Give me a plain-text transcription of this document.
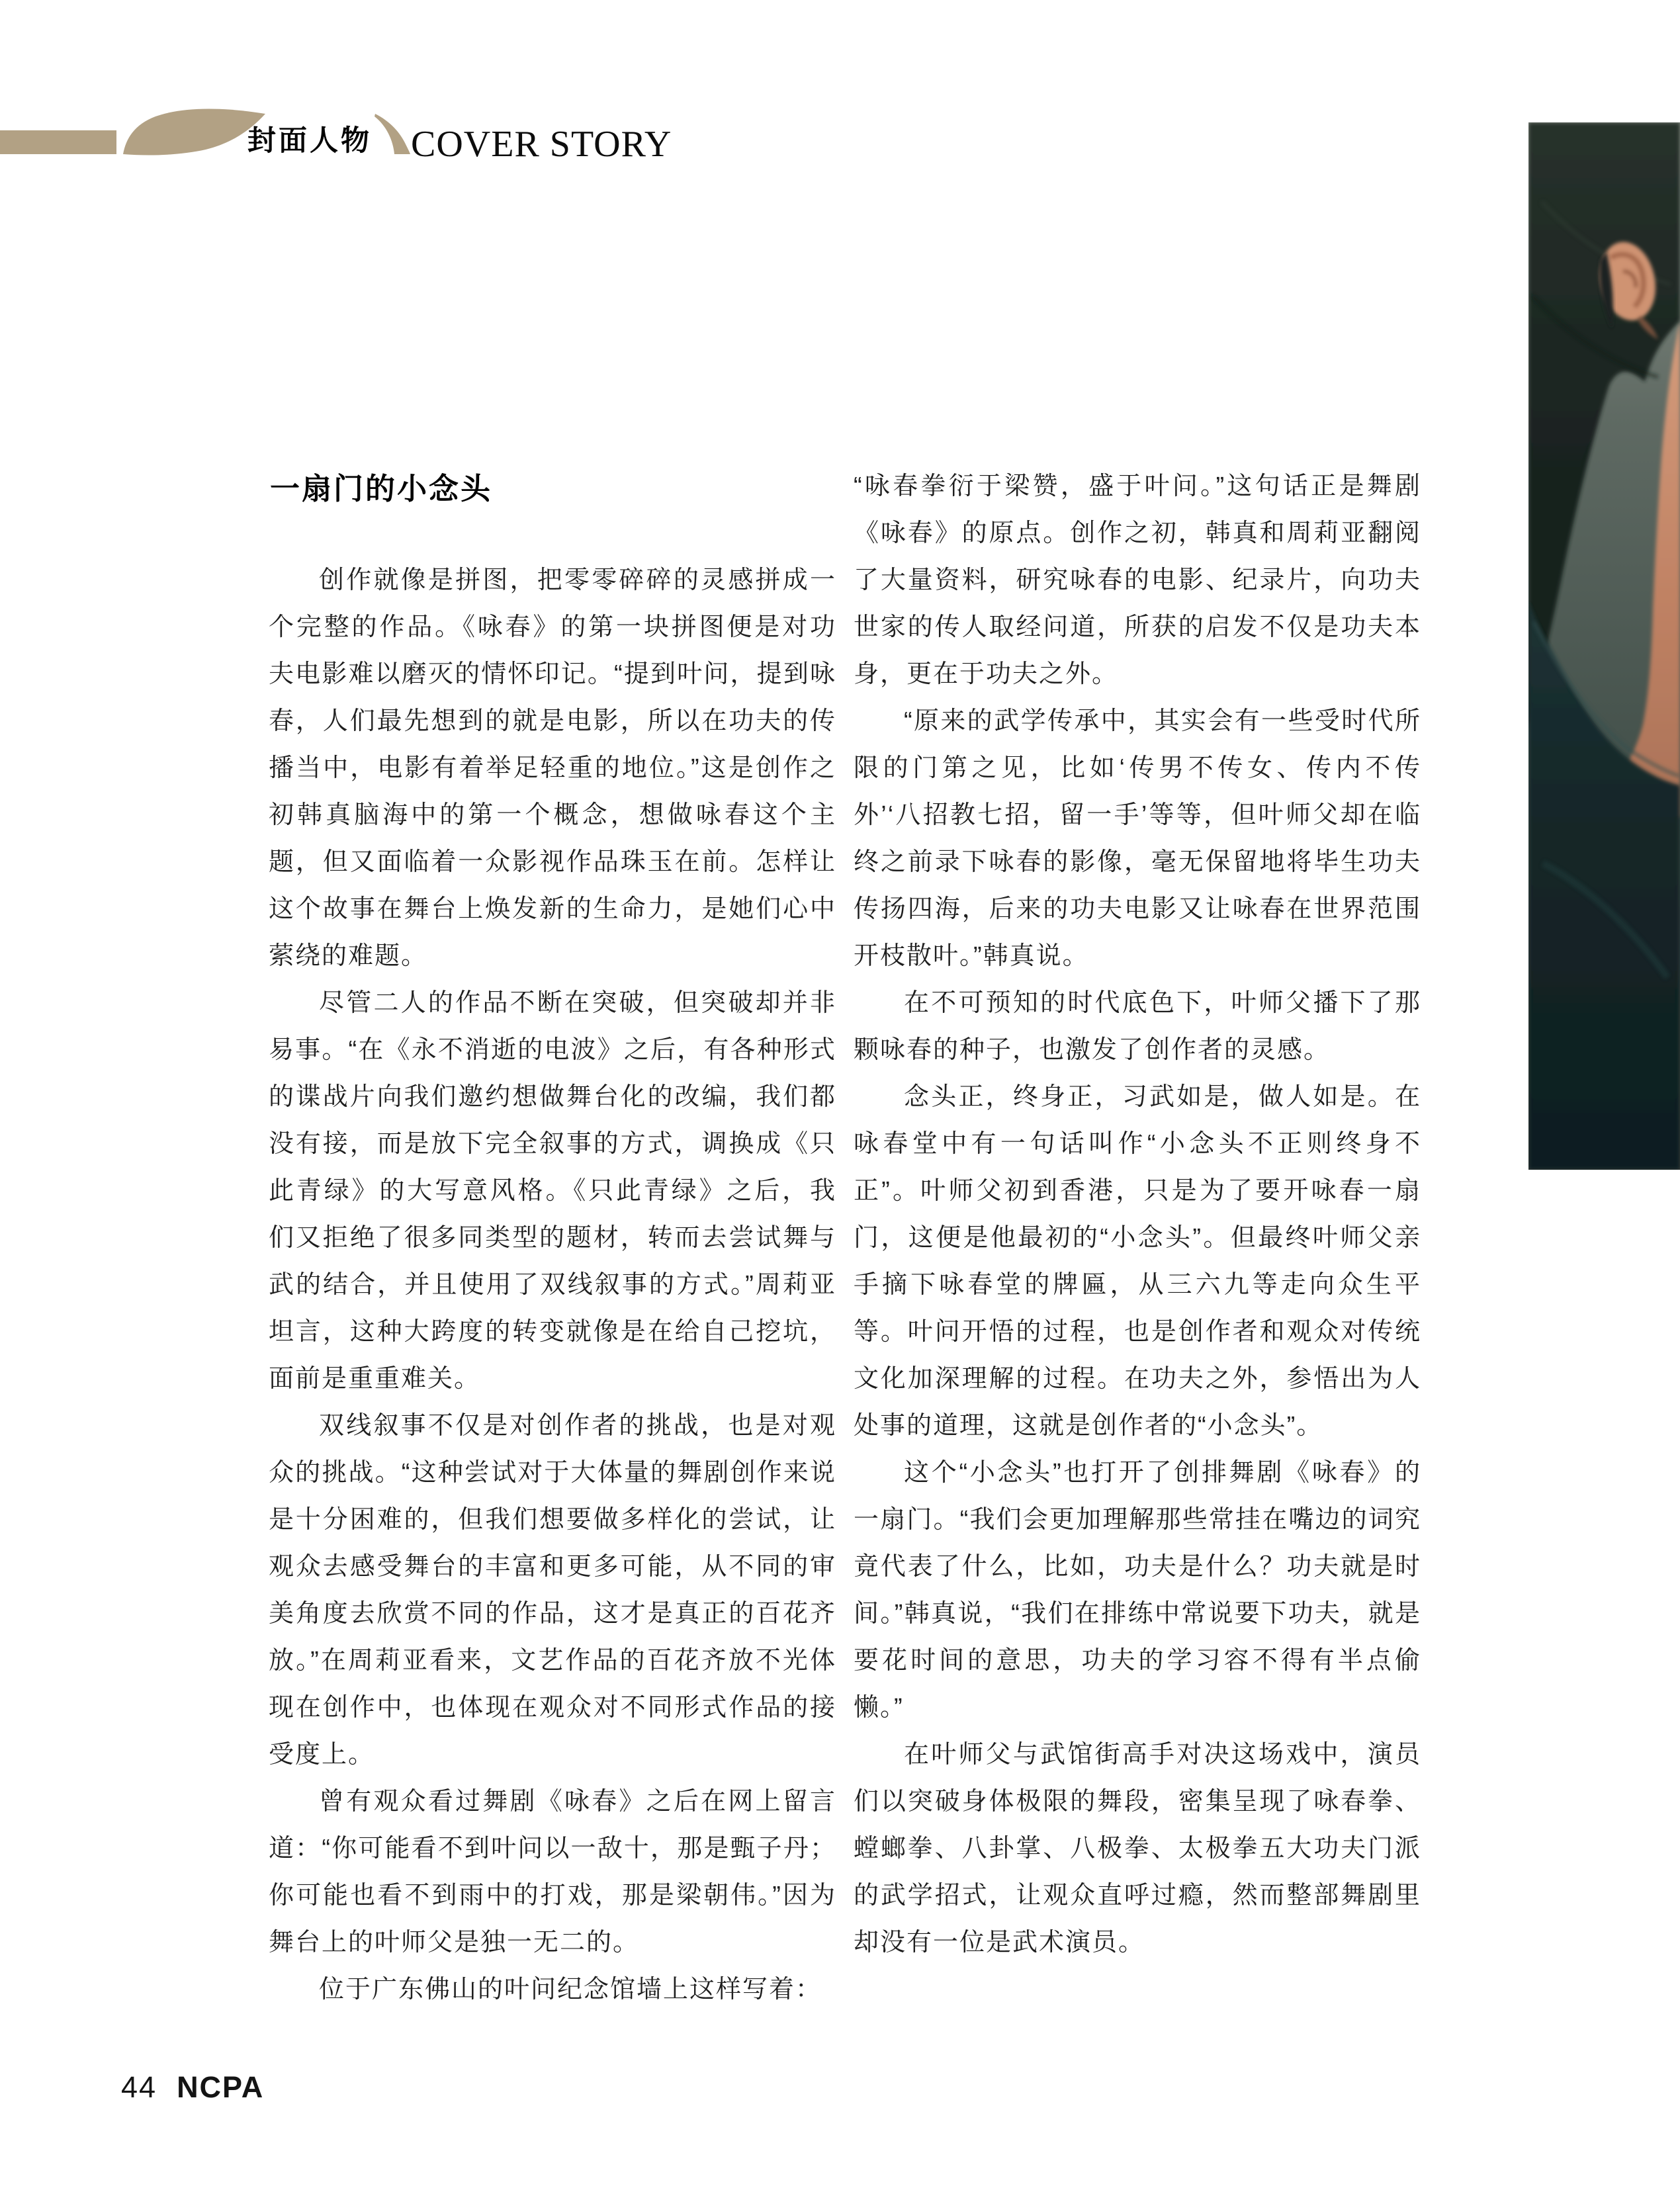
封面人物 COVER STORY
一扇门的小念头

创作就像是拼图，把零零碎碎的灵感拼成一个完整的作品。《咏春》的第一块拼图便是对功夫电影难以磨灭的情怀印记。“提到叶问，提到咏春，人们最先想到的就是电影，所以在功夫的传播当中，电影有着举足轻重的地位。”这是创作之初韩真脑海中的第一个概念，想做咏春这个主题，但又面临着一众影视作品珠玉在前。怎样让这个故事在舞台上焕发新的生命力，是她们心中萦绕的难题。

尽管二人的作品不断在突破，但突破却并非易事。“在《永不消逝的电波》之后，有各种形式的谍战片向我们邀约想做舞台化的改编，我们都没有接，而是放下完全叙事的方式，调换成《只此青绿》的大写意风格。《只此青绿》之后，我们又拒绝了很多同类型的题材，转而去尝试舞与武的结合，并且使用了双线叙事的方式。”周莉亚坦言，这种大跨度的转变就像是在给自己挖坑，面前是重重难关。

双线叙事不仅是对创作者的挑战，也是对观众的挑战。“这种尝试对于大体量的舞剧创作来说是十分困难的，但我们想要做多样化的尝试，让观众去感受舞台的丰富和更多可能，从不同的审美角度去欣赏不同的作品，这才是真正的百花齐放。”在周莉亚看来，文艺作品的百花齐放不光体现在创作中，也体现在观众对不同形式作品的接受度上。

曾有观众看过舞剧《咏春》之后在网上留言道：“你可能看不到叶问以一敌十，那是甄子丹；你可能也看不到雨中的打戏，那是梁朝伟。”因为舞台上的叶师父是独一无二的。

位于广东佛山的叶问纪念馆墙上这样写着：

“咏春拳衍于梁赞，盛于叶问。”这句话正是舞剧《咏春》的原点。创作之初，韩真和周莉亚翻阅了大量资料，研究咏春的电影、纪录片，向功夫世家的传人取经问道，所获的启发不仅是功夫本身，更在于功夫之外。

“原来的武学传承中，其实会有一些受时代所限的门第之见，比如‘传男不传女、传内不传外’‘八招教七招，留一手’等等，但叶师父却在临终之前录下咏春的影像，毫无保留地将毕生功夫传扬四海，后来的功夫电影又让咏春在世界范围开枝散叶。”韩真说。

在不可预知的时代底色下，叶师父播下了那颗咏春的种子，也激发了创作者的灵感。

念头正，终身正，习武如是，做人如是。在咏春堂中有一句话叫作“小念头不正则终身不正”。叶师父初到香港，只是为了要开咏春一扇门，这便是他最初的“小念头”。但最终叶师父亲手摘下咏春堂的牌匾，从三六九等走向众生平等。叶问开悟的过程，也是创作者和观众对传统文化加深理解的过程。在功夫之外，参悟出为人处事的道理，这就是创作者的“小念头”。

这个“小念头”也打开了创排舞剧《咏春》的一扇门。“我们会更加理解那些常挂在嘴边的词究竟代表了什么，比如，功夫是什么？功夫就是时间。”韩真说，“我们在排练中常说要下功夫，就是要花时间的意思，功夫的学习容不得有半点偷懒。”

在叶师父与武馆街高手对决这场戏中，演员们以突破身体极限的舞段，密集呈现了咏春拳、螳螂拳、八卦掌、八极拳、太极拳五大功夫门派的武学招式，让观众直呼过瘾，然而整部舞剧里却没有一位是武术演员。

44 NCPA
